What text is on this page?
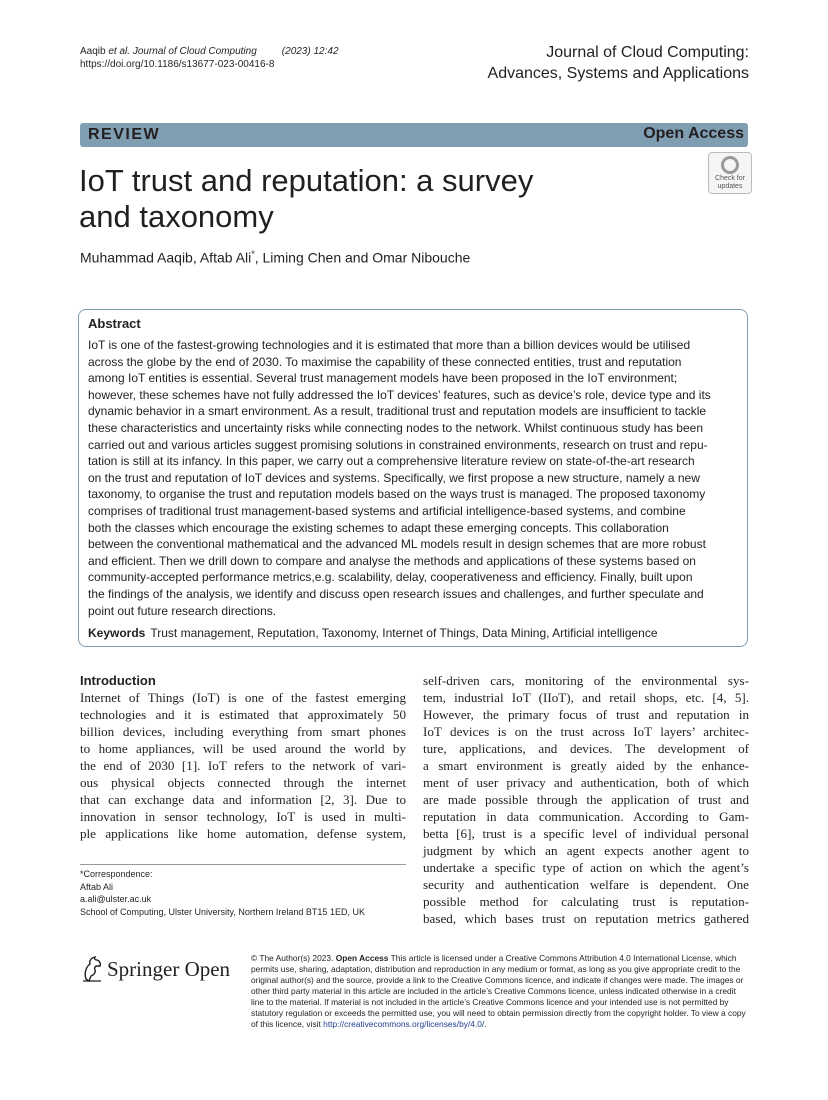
Aaqib et al. Journal of Cloud Computing	(2023) 12:42
https://doi.org/10.1186/s13677-023-00416-8
Journal of Cloud Computing:
Advances, Systems and Applications
REVIEW	Open Access
IoT trust and reputation: a survey
and taxonomy
Check for
updates
Muhammad Aaqib, Aftab Ali*, Liming Chen and Omar Nibouche
Abstract
IoT is one of the fastest-growing technologies and it is estimated that more than a billion devices would be utilised
across the globe by the end of 2030. To maximise the capability of these connected entities, trust and reputation
among IoT entities is essential. Several trust management models have been proposed in the IoT environment;
however, these schemes have not fully addressed the IoT devices’ features, such as device’s role, device type and its
dynamic behavior in a smart environment. As a result, traditional trust and reputation models are insufficient to tackle
these characteristics and uncertainty risks while connecting nodes to the network. Whilst continuous study has been
carried out and various articles suggest promising solutions in constrained environments, research on trust and repu-
tation is still at its infancy. In this paper, we carry out a comprehensive literature review on state-of-the-art research
on the trust and reputation of IoT devices and systems. Specifically, we first propose a new structure, namely a new
taxonomy, to organise the trust and reputation models based on the ways trust is managed. The proposed taxonomy
comprises of traditional trust management-based systems and artificial intelligence-based systems, and combine
both the classes which encourage the existing schemes to adapt these emerging concepts. This collaboration
between the conventional mathematical and the advanced ML models result in design schemes that are more robust
and efficient. Then we drill down to compare and analyse the methods and applications of these systems based on
community-accepted performance metrics,e.g. scalability, delay, cooperativeness and efficiency. Finally, built upon
the findings of the analysis, we identify and discuss open research issues and challenges, and further speculate and
point out future research directions.
Keywords Trust management, Reputation, Taxonomy, Internet of Things, Data Mining, Artificial intelligence
Introduction
Internet of Things (IoT) is one of the fastest emerging
technologies and it is estimated that approximately 50
billion devices, including everything from smart phones
to home appliances, will be used around the world by
the end of 2030 [1]. IoT refers to the network of vari-
ous physical objects connected through the internet
that can exchange data and information [2, 3]. Due to
innovation in sensor technology, IoT is used in multi-
ple applications like home automation, defense system,
self-driven cars, monitoring of the environmental sys-
tem, industrial IoT (IIoT), and retail shops, etc. [4, 5].
However, the primary focus of trust and reputation in
IoT devices is on the trust across IoT layers’ architec-
ture, applications, and devices. The development of
a smart environment is greatly aided by the enhance-
ment of user privacy and authentication, both of which
are made possible through the application of trust and
reputation in data communication. According to Gam-
betta [6], trust is a specific level of individual personal
judgment by which an agent expects another agent to
undertake a specific type of action on which the agent’s
security and authentication welfare is dependent. One
possible method for calculating trust is reputation-
based, which bases trust on reputation metrics gathered
*Correspondence:
Aftab Ali
a.ali@ulster.ac.uk
School of Computing, Ulster University, Northern Ireland BT15 1ED, UK
Springer Open © The Author(s) 2023. Open Access This article is licensed under a Creative Commons Attribution 4.0 International License, which permits use, sharing, adaptation, distribution and reproduction in any medium or format, as long as you give appropriate credit to the original author(s) and the source, provide a link to the Creative Commons licence, and indicate if changes were made. The images or other third party material in this article are included in the article’s Creative Commons licence, unless indicated otherwise in a credit line to the material. If material is not included in the article’s Creative Commons licence and your intended use is not permitted by statutory regulation or exceeds the permitted use, you will need to obtain permission directly from the copyright holder. To view a copy of this licence, visit http://creativecommons.org/licenses/by/4.0/.
